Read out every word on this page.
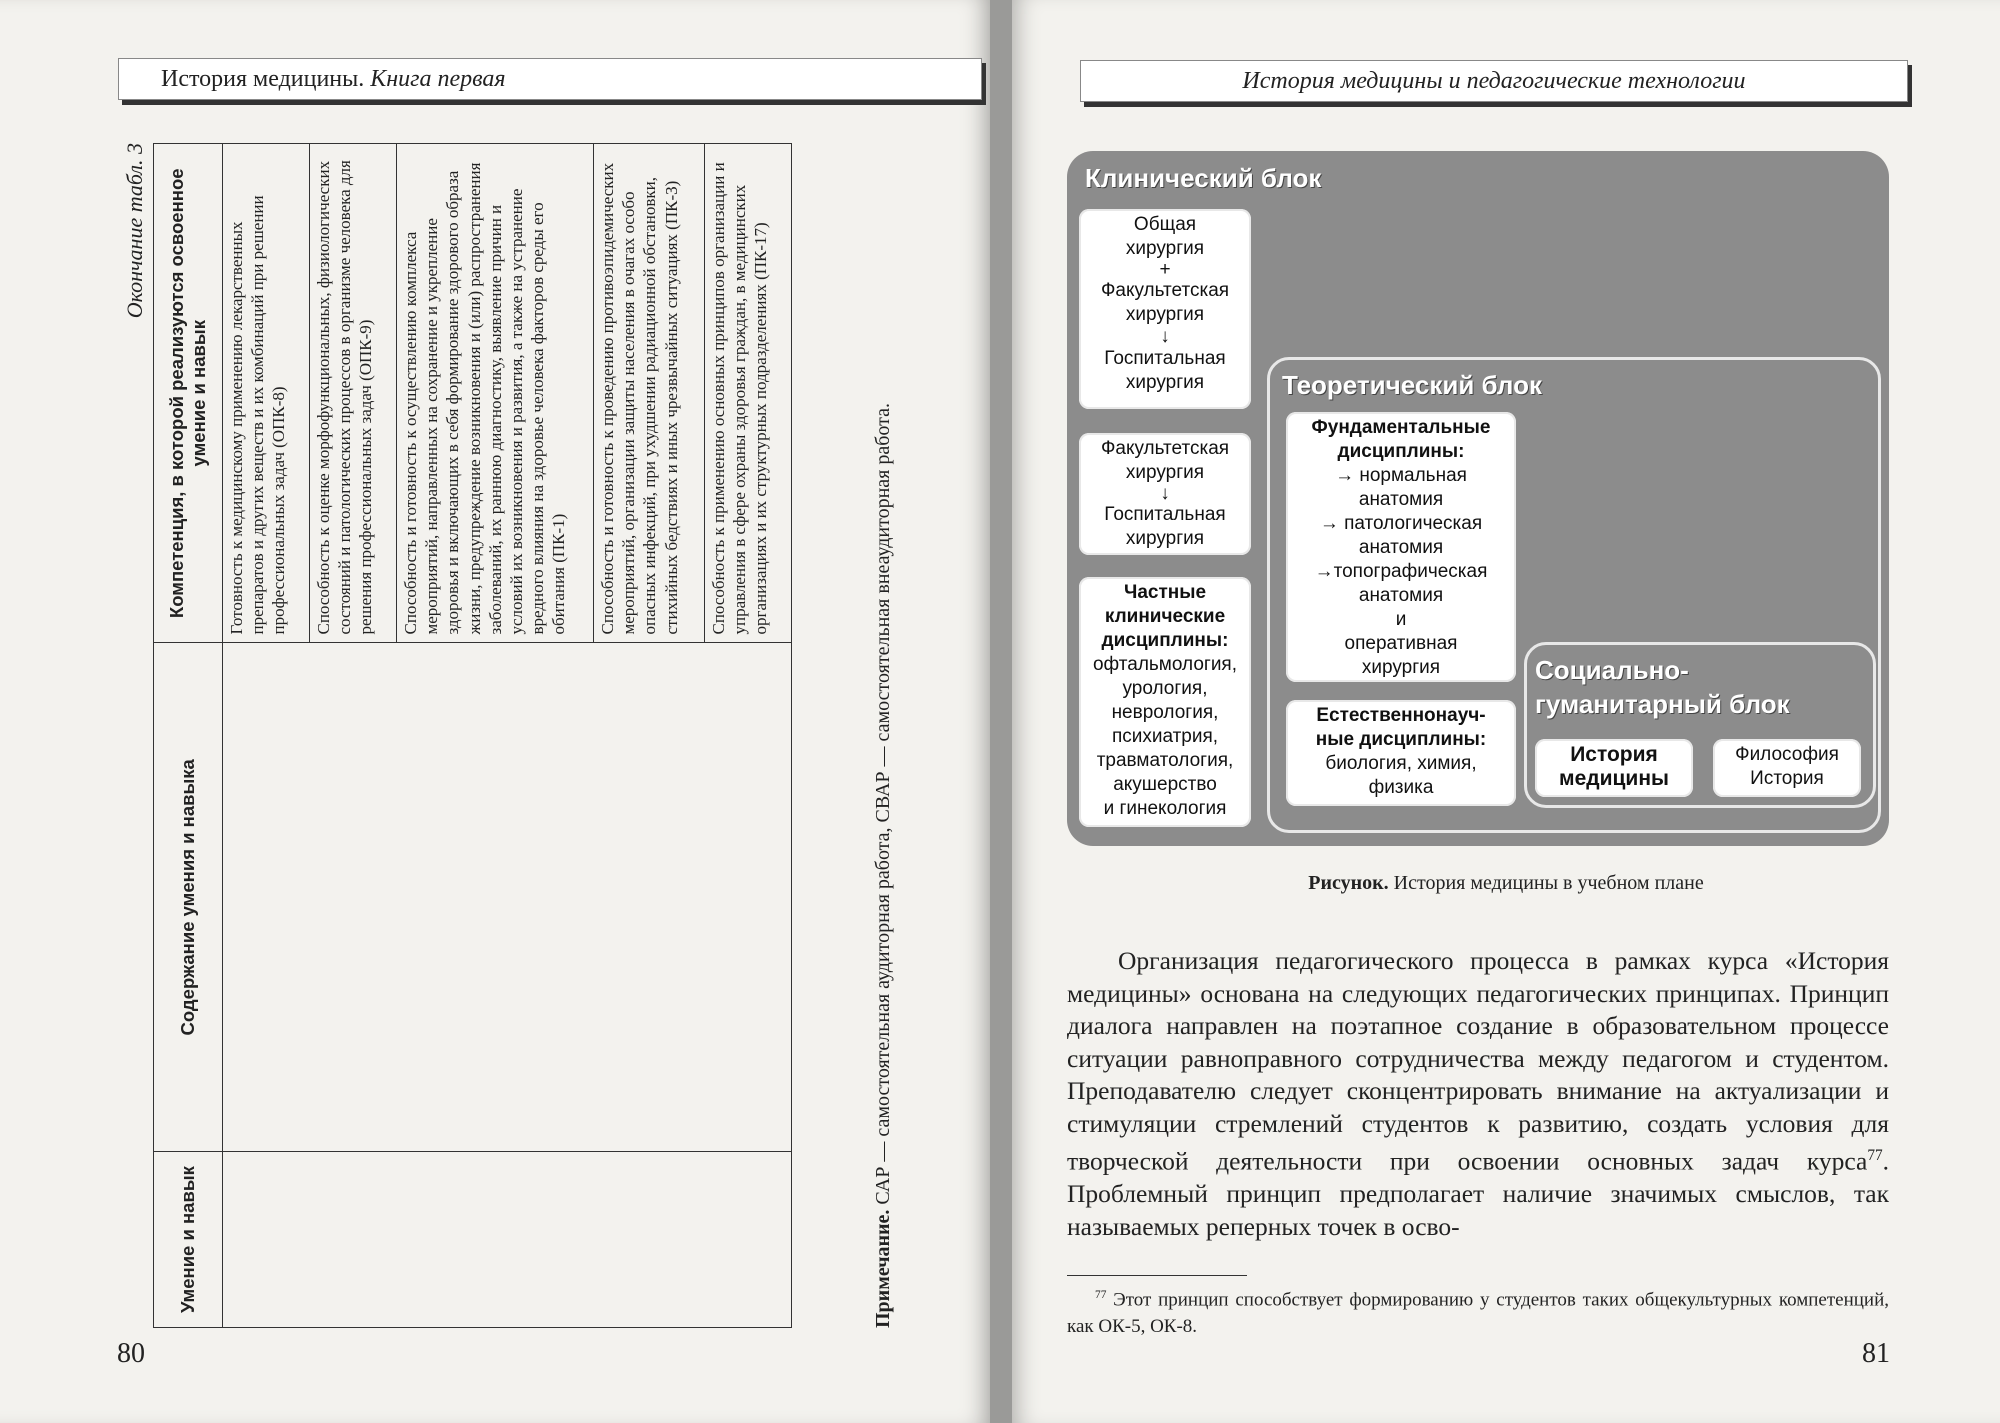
История медицины. Книга первая
Окончание табл. 3
Умение и навык	Содержание умения и навыка	Компетенция, в которой реализуются освоенное умение и навык
		Готовность к медицинскому применению лекарственных препаратов и других веществ и их комбинаций при решении профессиональных задач (ОПК-8)
		Способность к оценке морфофункциональных, физиологических состояний и патологических процессов в организме человека для решения профессиональных задач (ОПК-9)
		Способность и готовность к осуществлению комплекса мероприятий, направленных на сохранение и укрепление здоровья и включающих в себя формирование здорового образа жизни, предупреждение возникновения и (или) распространения заболеваний, их раннюю диагностику, выявление причин и условий их возникновения и развития, а также на устранение вредного влияния на здоровье человека факторов среды его обитания (ПК-1)
		Способность и готовность к проведению противоэпидемических мероприятий, организации защиты населения в очагах особо опасных инфекций, при ухудшении радиационной обстановки, стихийных бедствиях и иных чрезвычайных ситуациях (ПК-3)
		Способность к применению основных принципов организации и управления в сфере охраны здоровья граждан, в медицинских организациях и их структурных подразделениях (ПК-17)
Примечание. САР — самостоятельная аудиторная работа, СВАР — самостоятельная внеаудиторная работа.
80
История медицины и педагогические технологии
Клинический блок
Общая
хирургия
+
Факультетская
хирургия
↓
Госпитальная
хирургия
Факультетская
хирургия
↓
Госпитальная
хирургия
Частные
клинические
дисциплины:
офтальмология,
урология,
неврология,
психиатрия,
травматология,
акушерство
и гинекология
Теоретический блок
Фундаментальные
дисциплины:
→ нормальная
анатомия
→ патологическая
анатомия
→топографическая
анатомия
и
оперативная
хирургия
Естественнонауч-
ные дисциплины:
биология, химия,
физика
Социально-
гуманитарный блок
История
медицины
Философия
История
Рисунок. История медицины в учебном плане
  Организация педагогического процесса в рамках курса «История медицины» основана на следующих педагогических принципах. Принцип диалога направлен на поэтапное создание в образовательном процессе ситуации равноправного сотрудничества между педагогом и студентом. Преподавателю следует сконцентрировать внимание на актуализации и стимуляции стремлений студентов к развитию, создать условия для творческой деятельности при освоении основных задач курса$^{77}$. Проблемный принцип предполагает наличие значимых смыслов, так называемых реперных точек в осво-
$^{77}$ Этот принцип способствует формированию у студентов таких общекультурных компетенций, как ОК-5, ОК-8.
81
